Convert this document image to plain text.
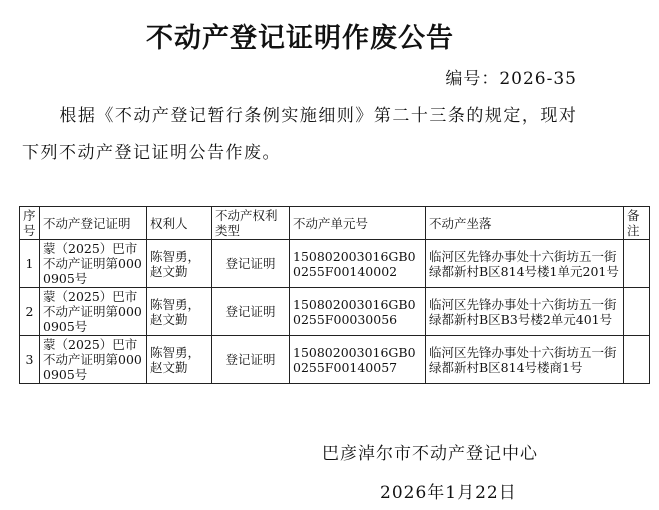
不动产登记证明作废公告
编号：2026-35

根据《不动产登记暂行条例实施细则》第二十三条的规定，现对下列不动产登记证明公告作废。

序号	不动产登记证明	权利人	不动产权利类型	不动产单元号	不动产坐落	备注
1	蒙（2025）巴市不动产证明第0000905号	陈智勇，赵文勤	登记证明	150802003016GB00255F00140002	临河区先锋办事处十六街坊五一街绿都新村B区814号楼1单元201号	
2	蒙（2025）巴市不动产证明第0000905号	陈智勇，赵文勤	登记证明	150802003016GB00255F00030056	临河区先锋办事处十六街坊五一街绿都新村B区B3号楼2单元401号	
3	蒙（2025）巴市不动产证明第0000905号	陈智勇，赵文勤	登记证明	150802003016GB00255F00140057	临河区先锋办事处十六街坊五一街绿都新村B区814号楼商1号	
巴彦淖尔市不动产登记中心
2026年1月22日
